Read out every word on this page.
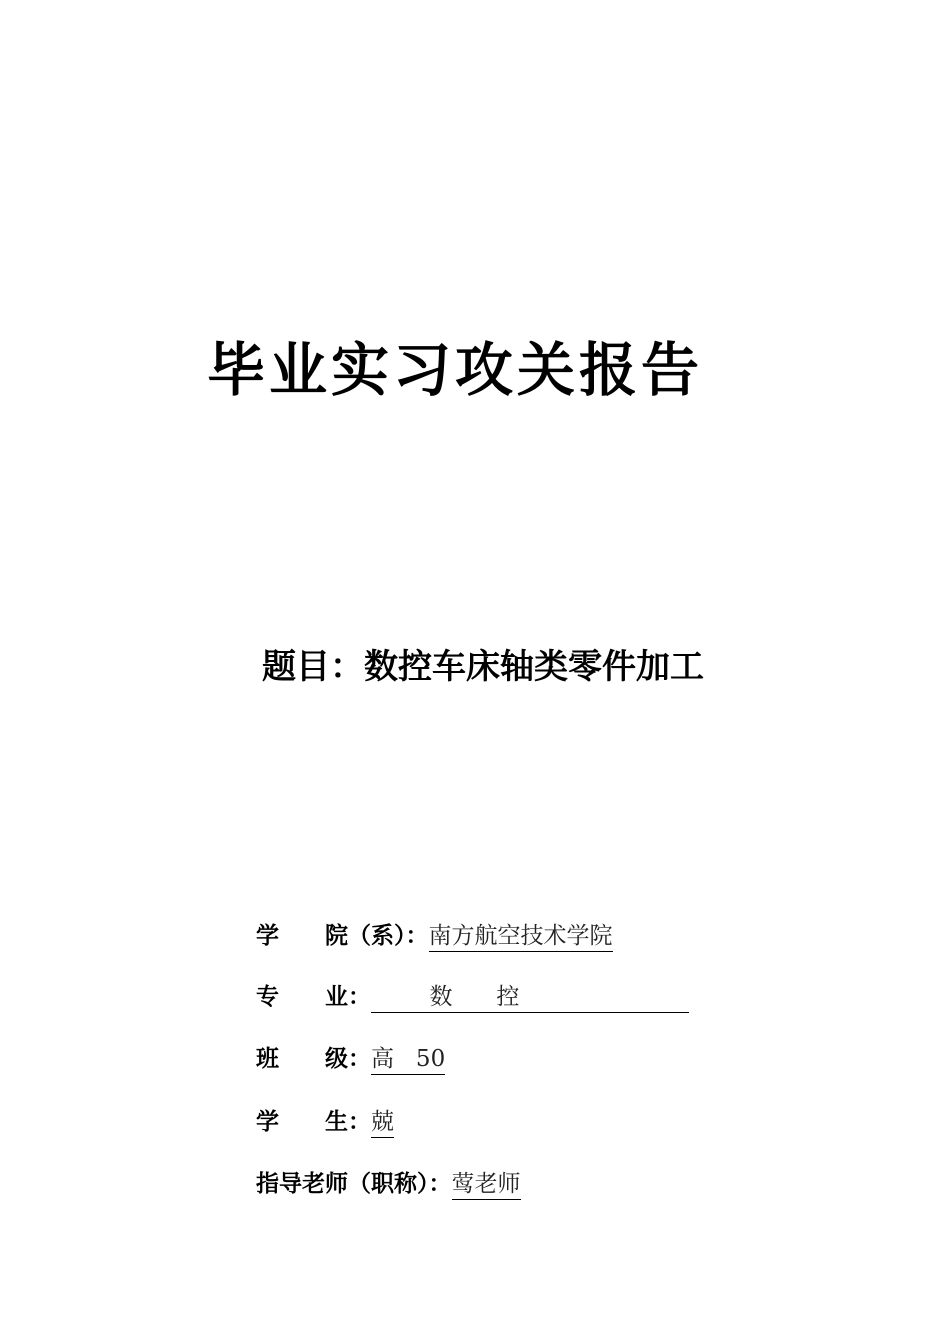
毕业实习攻关报告
题目：数控车床轴类零件加工
学　　院（系）：南方航空技术学院
专　　业：        数      控
班　　级：高   50
学　　生：兢
指导老师（职称）：莺老师
